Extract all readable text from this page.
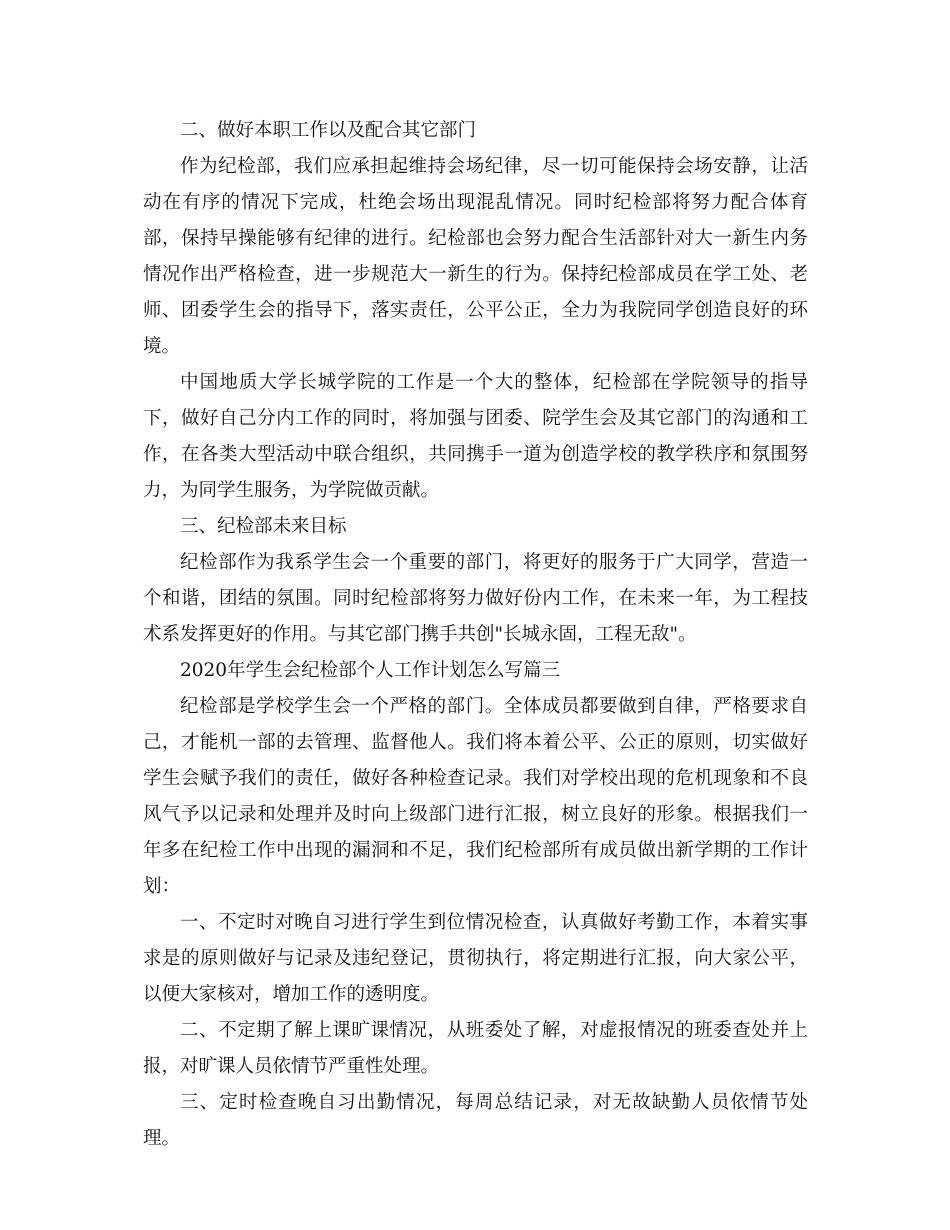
二、做好本职工作以及配合其它部门

作为纪检部，我们应承担起维持会场纪律，尽一切可能保持会场安静，让活动在有序的情况下完成，杜绝会场出现混乱情况。同时纪检部将努力配合体育部，保持早操能够有纪律的进行。纪检部也会努力配合生活部针对大一新生内务情况作出严格检查，进一步规范大一新生的行为。保持纪检部成员在学工处、老师、团委学生会的指导下，落实责任，公平公正，全力为我院同学创造良好的环境。

中国地质大学长城学院的工作是一个大的整体，纪检部在学院领导的指导下，做好自己分内工作的同时，将加强与团委、院学生会及其它部门的沟通和工作，在各类大型活动中联合组织，共同携手一道为创造学校的教学秩序和氛围努力，为同学生服务，为学院做贡献。

三、纪检部未来目标

纪检部作为我系学生会一个重要的部门，将更好的服务于广大同学，营造一个和谐，团结的氛围。同时纪检部将努力做好份内工作，在未来一年，为工程技术系发挥更好的作用。与其它部门携手共创"长城永固，工程无敌"。

2020年学生会纪检部个人工作计划怎么写篇三

纪检部是学校学生会一个严格的部门。全体成员都要做到自律，严格要求自己，才能机一部的去管理、监督他人。我们将本着公平、公正的原则，切实做好学生会赋予我们的责任，做好各种检查记录。我们对学校出现的危机现象和不良风气予以记录和处理并及时向上级部门进行汇报，树立良好的形象。根据我们一年多在纪检工作中出现的漏洞和不足，我们纪检部所有成员做出新学期的工作计划：

一、不定时对晚自习进行学生到位情况检查，认真做好考勤工作，本着实事求是的原则做好与记录及违纪登记，贯彻执行，将定期进行汇报，向大家公平，以便大家核对，增加工作的透明度。

二、不定期了解上课旷课情况，从班委处了解，对虚报情况的班委查处并上报，对旷课人员依情节严重性处理。

三、定时检查晚自习出勤情况，每周总结记录，对无故缺勤人员依情节处理。
